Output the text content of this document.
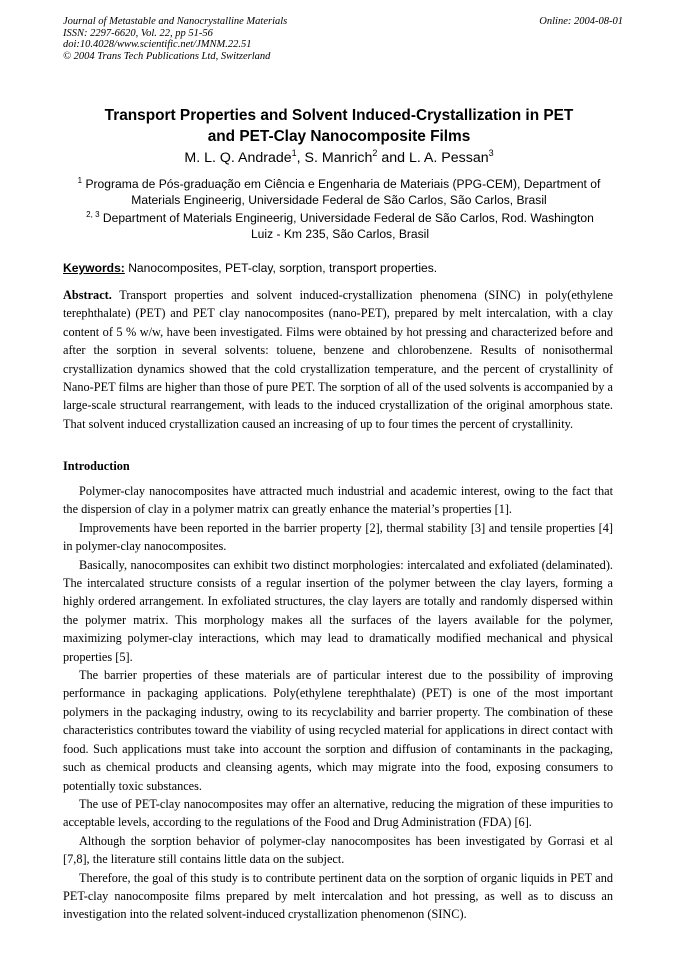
Journal of Metastable and Nanocrystalline Materials
ISSN: 2297-6620, Vol. 22, pp 51-56
doi:10.4028/www.scientific.net/JMNM.22.51
© 2004 Trans Tech Publications Ltd, Switzerland
Online: 2004-08-01
Transport Properties and Solvent Induced-Crystallization in PET
and PET-Clay Nanocomposite Films
M. L. Q. Andrade$^1$, S. Manrich$^2$ and L. A. Pessan$^3$
$^1$ Programa de Pós-graduação em Ciência e Engenharia de Materiais (PPG-CEM), Department of
Materials Engineerig, Universidade Federal de São Carlos, São Carlos, Brasil
$^{2, 3}$ Department of Materials Engineerig, Universidade Federal de São Carlos, Rod. Washington
Luiz - Km 235, São Carlos, Brasil
Keywords: Nanocomposites, PET-clay, sorption, transport properties.

Abstract. Transport properties and solvent induced-crystallization phenomena (SINC) in poly(ethylene terephthalate) (PET) and PET clay nanocomposites (nano-PET), prepared by melt intercalation, with a clay content of 5 % w/w, have been investigated. Films were obtained by hot pressing and characterized before and after the sorption in several solvents: toluene, benzene and chlorobenzene. Results of nonisothermal crystallization dynamics showed that the cold crystallization temperature, and the percent of crystallinity of Nano-PET films are higher than those of pure PET. The sorption of all of the used solvents is accompanied by a large-scale structural rearrangement, with leads to the induced crystallization of the original amorphous state. That solvent induced crystallization caused an increasing of up to four times the percent of crystallinity.

Introduction

Polymer-clay nanocomposites have attracted much industrial and academic interest, owing to the fact that the dispersion of clay in a polymer matrix can greatly enhance the material’s properties [1].

Improvements have been reported in the barrier property [2], thermal stability [3] and tensile properties [4] in polymer-clay nanocomposites.

Basically, nanocomposites can exhibit two distinct morphologies: intercalated and exfoliated (delaminated). The intercalated structure consists of a regular insertion of the polymer between the clay layers, forming a highly ordered arrangement. In exfoliated structures, the clay layers are totally and randomly dispersed within the polymer matrix. This morphology makes all the surfaces of the layers available for the polymer, maximizing polymer-clay interactions, which may lead to dramatically modified mechanical and physical properties [5].

The barrier properties of these materials are of particular interest due to the possibility of improving performance in packaging applications. Poly(ethylene terephthalate) (PET) is one of the most important polymers in the packaging industry, owing to its recyclability and barrier property. The combination of these characteristics contributes toward the viability of using recycled material for applications in direct contact with food. Such applications must take into account the sorption and diffusion of contaminants in the packaging, such as chemical products and cleansing agents, which may migrate into the food, exposing consumers to potentially toxic substances.

The use of PET-clay nanocomposites may offer an alternative, reducing the migration of these impurities to acceptable levels, according to the regulations of the Food and Drug Administration (FDA) [6].

Although the sorption behavior of polymer-clay nanocomposites has been investigated by Gorrasi et al [7,8], the literature still contains little data on the subject.

Therefore, the goal of this study is to contribute pertinent data on the sorption of organic liquids in PET and PET-clay nanocomposite films prepared by melt intercalation and hot pressing, as well as to discuss an investigation into the related solvent-induced crystallization phenomenon (SINC).
